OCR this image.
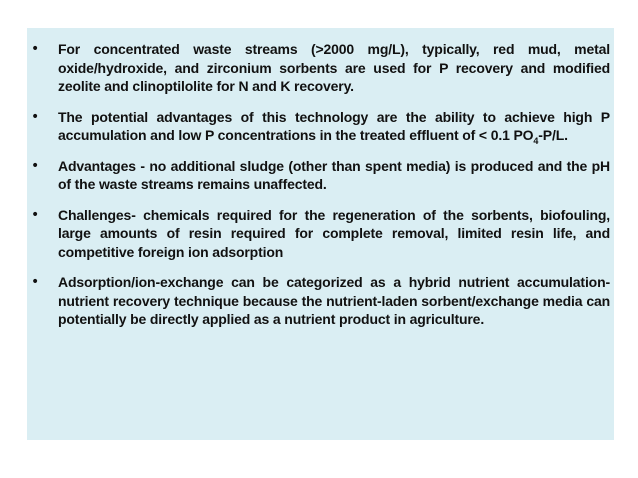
• For concentrated waste streams (>2000 mg/L), typically, red mud, metal oxide/hydroxide, and zirconium sorbents are used for P recovery and modified zeolite and clinoptilolite for N and K recovery.
• The potential advantages of this technology are the ability to achieve high P accumulation and low P concentrations in the treated effluent of < 0.1 $PO_4-P/L$.
• Advantages - no additional sludge (other than spent media) is produced and the pH of the waste streams remains unaffected.
• Challenges- chemicals required for the regeneration of the sorbents, biofouling, large amounts of resin required for complete removal, limited resin life, and competitive foreign ion adsorption
• Adsorption/ion-exchange can be categorized as a hybrid nutrient accumulation-nutrient recovery technique because the nutrient-laden sorbent/exchange media can potentially be directly applied as a nutrient product in agriculture.
